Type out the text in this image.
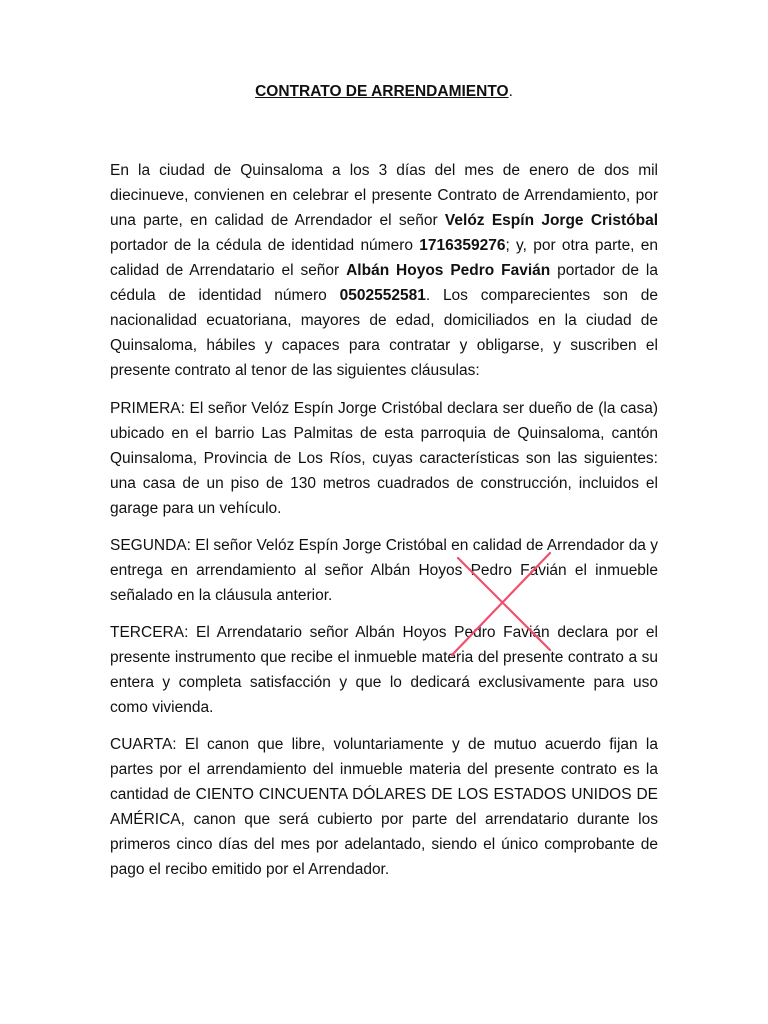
CONTRATO DE ARRENDAMIENTO.

En la ciudad de Quinsaloma a los 3 días del mes de enero de dos mil diecinueve, convienen en celebrar el presente Contrato de Arrendamiento, por una parte, en calidad de Arrendador el señor Velóz Espín Jorge Cristóbal portador de la cédula de identidad número 1716359276; y, por otra parte, en calidad de Arrendatario el señor Albán Hoyos Pedro Favián portador de la cédula de identidad número 0502552581. Los comparecientes son de nacionalidad ecuatoriana, mayores de edad, domiciliados en la ciudad de Quinsaloma, hábiles y capaces para contratar y obligarse, y suscriben el presente contrato al tenor de las siguientes cláusulas:

PRIMERA: El señor Velóz Espín Jorge Cristóbal declara ser dueño de (la casa) ubicado en el barrio Las Palmitas de esta parroquia de Quinsaloma, cantón Quinsaloma, Provincia de Los Ríos, cuyas características son las siguientes: una casa de un piso de 130 metros cuadrados de construcción, incluidos el garage para un vehículo.

SEGUNDA: El señor Velóz Espín Jorge Cristóbal en calidad de Arrendador da y entrega en arrendamiento al señor Albán Hoyos Pedro Favián el inmueble señalado en la cláusula anterior.

TERCERA: El Arrendatario señor Albán Hoyos Pedro Favián declara por el presente instrumento que recibe el inmueble materia del presente contrato a su entera y completa satisfacción y que lo dedicará exclusivamente para uso como vivienda.

CUARTA: El canon que libre, voluntariamente y de mutuo acuerdo fijan la partes por el arrendamiento del inmueble materia del presente contrato es la cantidad de CIENTO CINCUENTA DÓLARES DE LOS ESTADOS UNIDOS DE AMÉRICA, canon que será cubierto por parte del arrendatario durante los primeros cinco días del mes por adelantado, siendo el único comprobante de pago el recibo emitido por el Arrendador.
